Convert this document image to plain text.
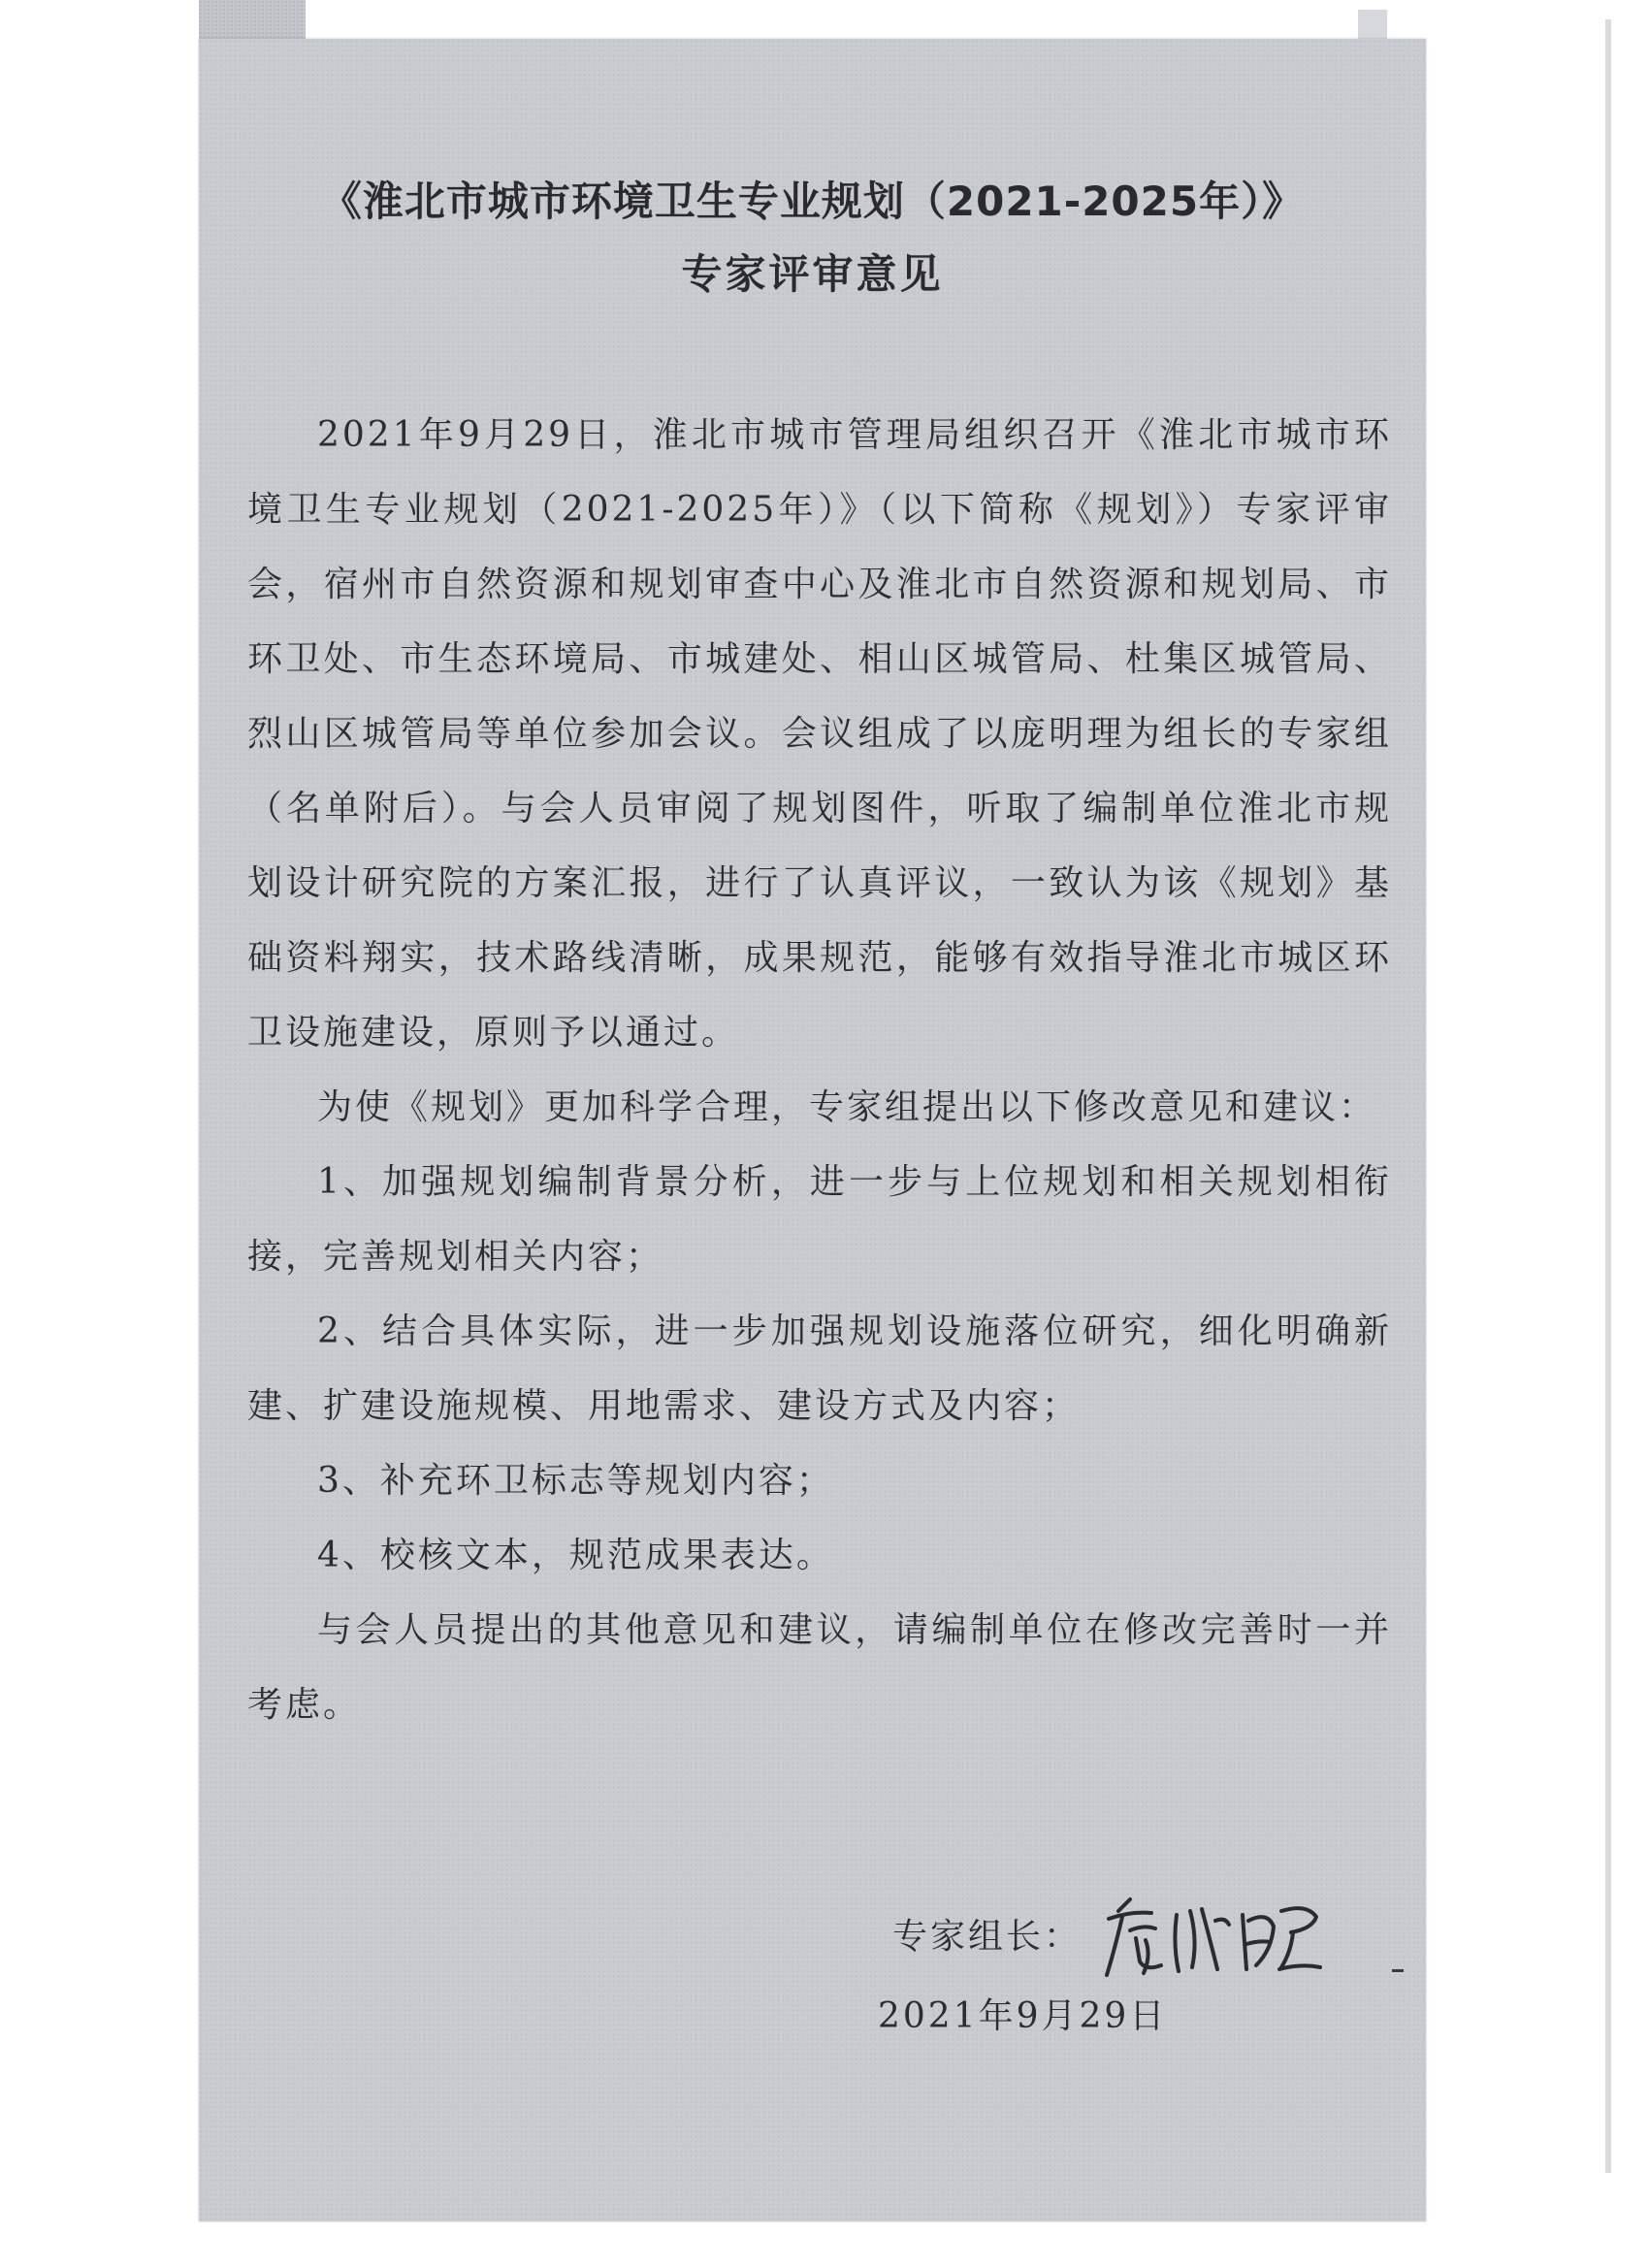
《淮北市城市环境卫生专业规划（2021-2025年）》
专家评审意见

2021年9月29日，淮北市城市管理局组织召开《淮北市城市环境卫生专业规划（2021-2025年）》（以下简称《规划》）专家评审会，宿州市自然资源和规划审查中心及淮北市自然资源和规划局、市环卫处、市生态环境局、市城建处、相山区城管局、杜集区城管局、烈山区城管局等单位参加会议。会议组成了以庞明理为组长的专家组（名单附后）。与会人员审阅了规划图件，听取了编制单位淮北市规划设计研究院的方案汇报，进行了认真评议，一致认为该《规划》基础资料翔实，技术路线清晰，成果规范，能够有效指导淮北市城区环卫设施建设，原则予以通过。

为使《规划》更加科学合理，专家组提出以下修改意见和建议：

1、加强规划编制背景分析，进一步与上位规划和相关规划相衔接，完善规划相关内容；

2、结合具体实际，进一步加强规划设施落位研究，细化明确新建、扩建设施规模、用地需求、建设方式及内容；

3、补充环卫标志等规划内容；

4、校核文本，规范成果表达。

与会人员提出的其他意见和建议，请编制单位在修改完善时一并考虑。

专家组长：
2021年9月29日
